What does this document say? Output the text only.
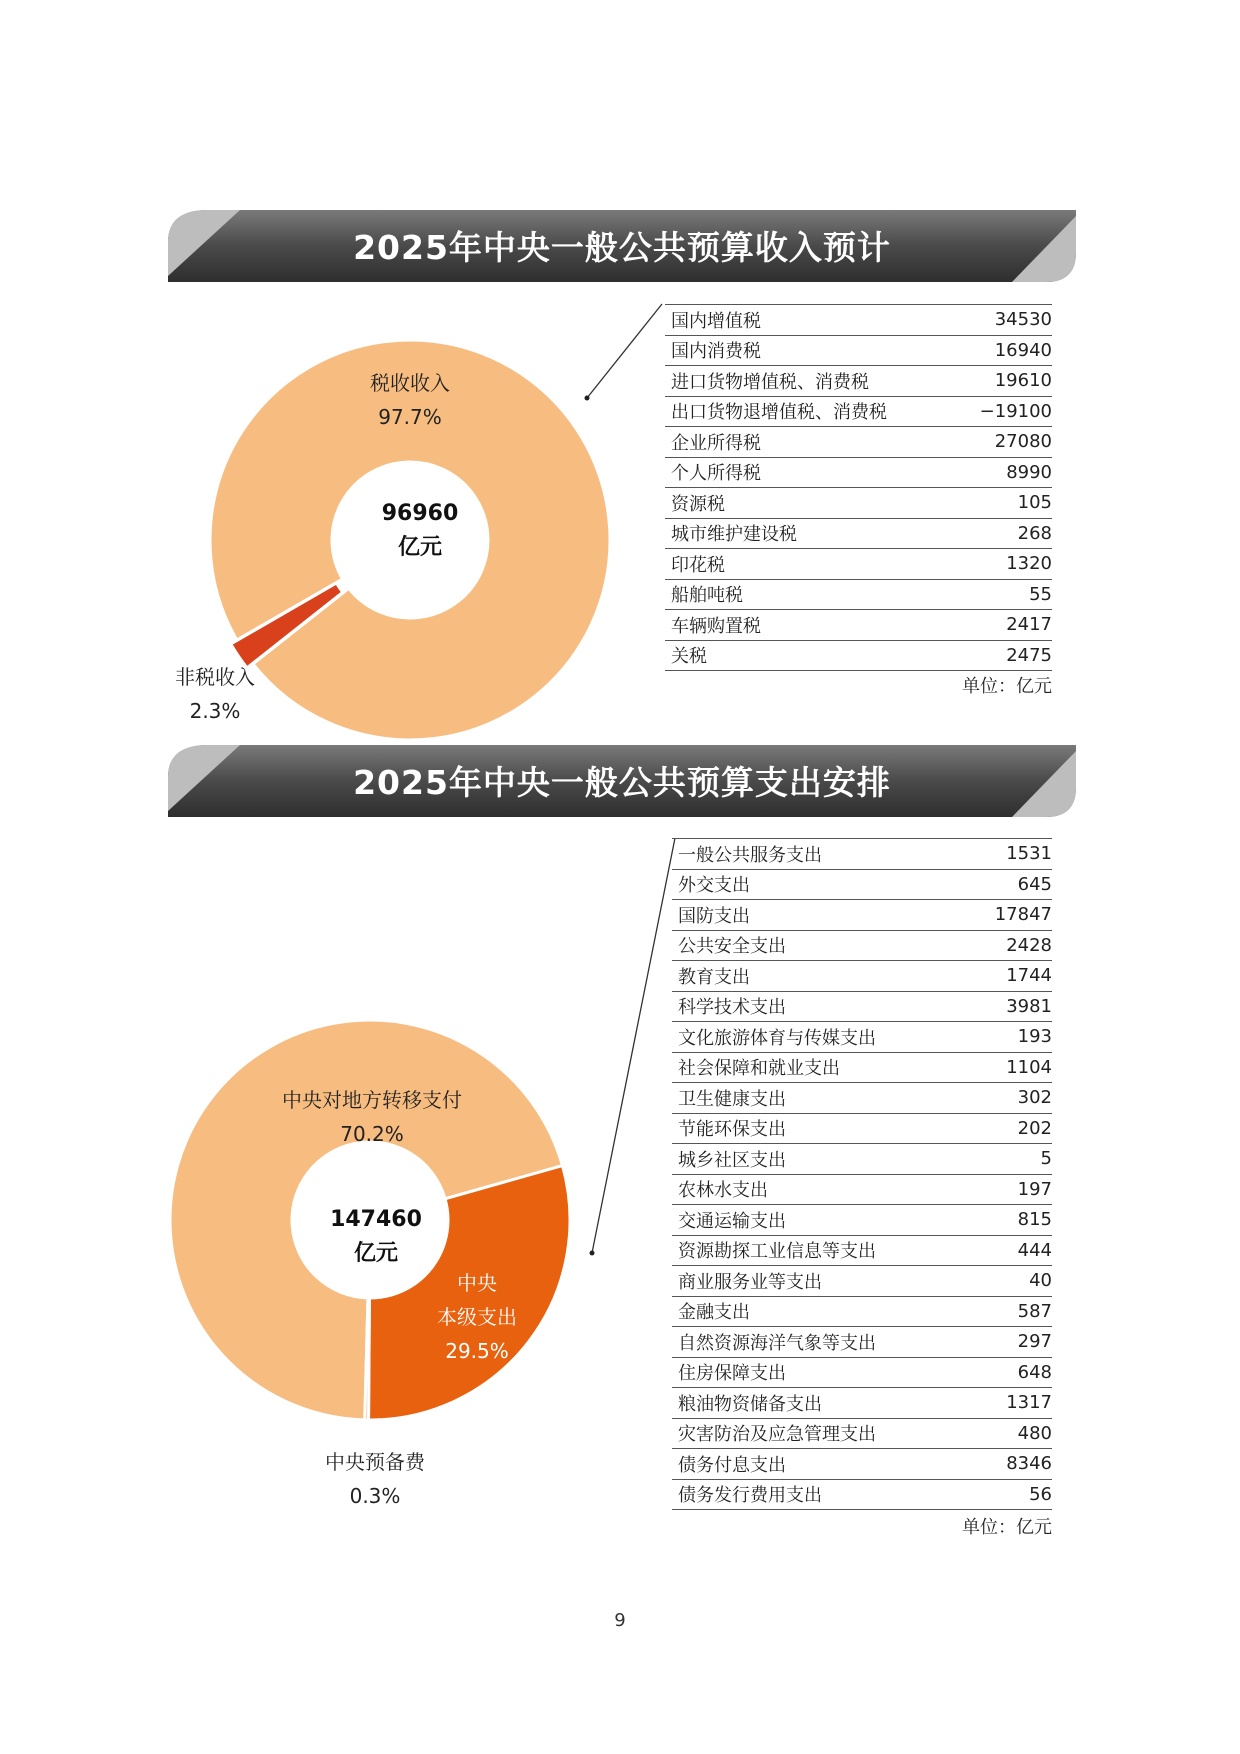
2025年中央一般公共预算收入预计
税收收入
97.7%
非税收入
2.3%
96960
亿元
国内增值税	34530
国内消费税	16940
进口货物增值税、消费税	19610
出口货物退增值税、消费税	−19100
企业所得税	27080
个人所得税	8990
资源税	105
城市维护建设税	268
印花税	1320
船舶吨税	55
车辆购置税	2417
关税	2475
单位：亿元
2025年中央一般公共预算支出安排
中央对地方转移支付
70.2%
中央
本级支出
29.5%
中央预备费
0.3%
147460
亿元
一般公共服务支出	1531
外交支出	645
国防支出	17847
公共安全支出	2428
教育支出	1744
科学技术支出	3981
文化旅游体育与传媒支出	193
社会保障和就业支出	1104
卫生健康支出	302
节能环保支出	202
城乡社区支出	5
农林水支出	197
交通运输支出	815
资源勘探工业信息等支出	444
商业服务业等支出	40
金融支出	587
自然资源海洋气象等支出	297
住房保障支出	648
粮油物资储备支出	1317
灾害防治及应急管理支出	480
债务付息支出	8346
债务发行费用支出	56
单位：亿元
9
